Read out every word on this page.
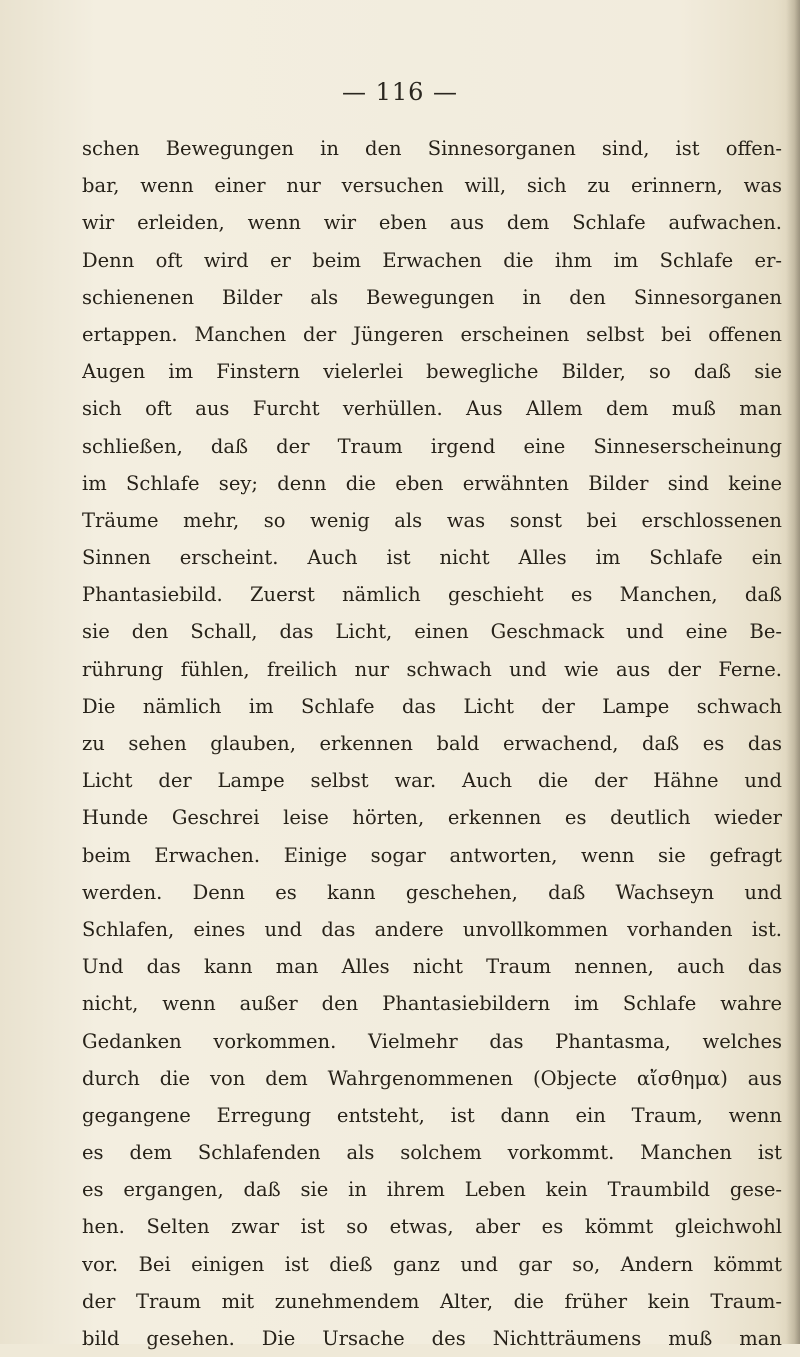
— 116 —
schen Bewegungen in den Sinnesorganen sind, ist offen-
bar, wenn einer nur versuchen will, sich zu erinnern, was
wir erleiden, wenn wir eben aus dem Schlafe aufwachen.
Denn oft wird er beim Erwachen die ihm im Schlafe er-
schienenen Bilder als Bewegungen in den Sinnesorganen
ertappen. Manchen der Jüngeren erscheinen selbst bei offenen
Augen im Finstern vielerlei bewegliche Bilder, so daß sie
sich oft aus Furcht verhüllen. Aus Allem dem muß man
schließen, daß der Traum irgend eine Sinneserscheinung
im Schlafe sey; denn die eben erwähnten Bilder sind keine
Träume mehr, so wenig als was sonst bei erschlossenen
Sinnen erscheint. Auch ist nicht Alles im Schlafe ein
Phantasiebild. Zuerst nämlich geschieht es Manchen, daß
sie den Schall, das Licht, einen Geschmack und eine Be-
rührung fühlen, freilich nur schwach und wie aus der Ferne.
Die nämlich im Schlafe das Licht der Lampe schwach
zu sehen glauben, erkennen bald erwachend, daß es das
Licht der Lampe selbst war. Auch die der Hähne und
Hunde Geschrei leise hörten, erkennen es deutlich wieder
beim Erwachen. Einige sogar antworten, wenn sie gefragt
werden. Denn es kann geschehen, daß Wachseyn und
Schlafen, eines und das andere unvollkommen vorhanden ist.
Und das kann man Alles nicht Traum nennen, auch das
nicht, wenn außer den Phantasiebildern im Schlafe wahre
Gedanken vorkommen. Vielmehr das Phantasma, welches
durch die von dem Wahrgenommenen (Objecte αἴσθημα) aus
gegangene Erregung entsteht, ist dann ein Traum, wenn
es dem Schlafenden als solchem vorkommt. Manchen ist
es ergangen, daß sie in ihrem Leben kein Traumbild gese-
hen. Selten zwar ist so etwas, aber es kömmt gleichwohl
vor. Bei einigen ist dieß ganz und gar so, Andern kömmt
der Traum mit zunehmendem Alter, die früher kein Traum-
bild gesehen. Die Ursache des Nichtträumens muß man
